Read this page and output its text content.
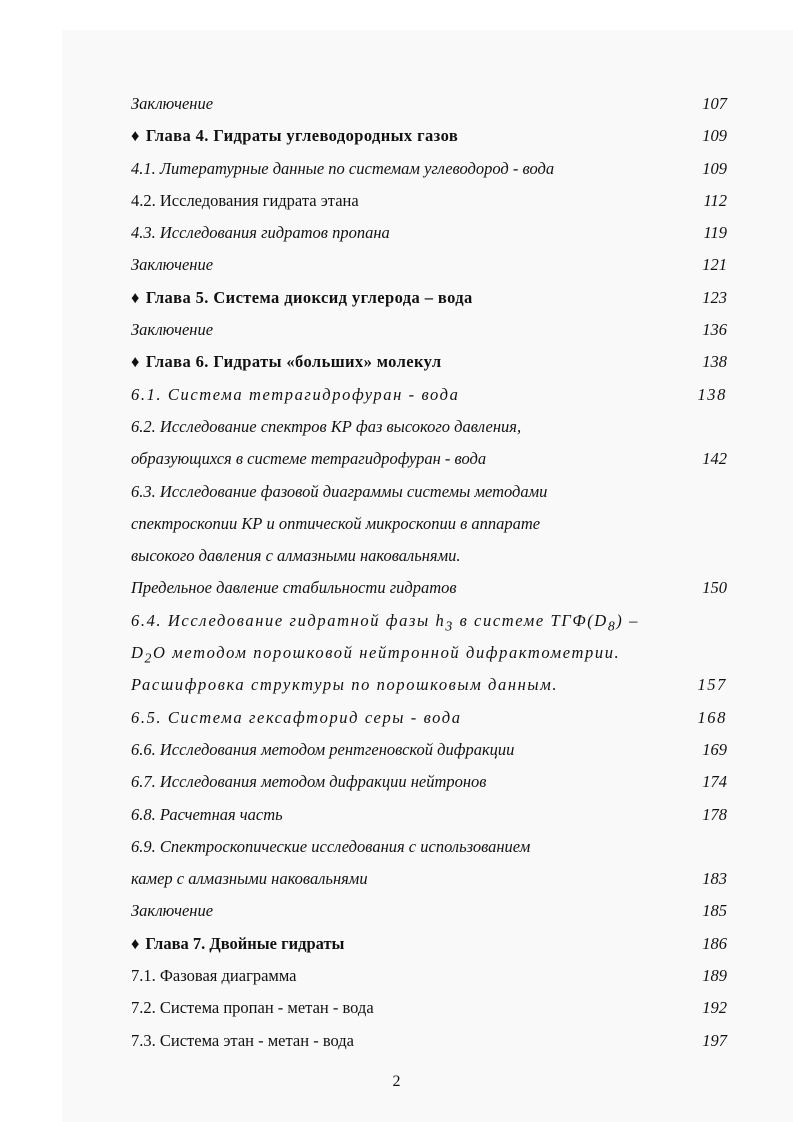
Заключение	107
♦ Глава 4. Гидраты углеводородных газов	109
4.1. Литературные данные по системам углеводород - вода	109
4.2. Исследования гидрата этана	112
4.3. Исследования гидратов пропана	119
Заключение	121
♦ Глава 5. Система диоксид углерода – вода	123
Заключение	136
♦ Глава 6. Гидраты «больших» молекул	138
6.1. Система тетрагидрофуран - вода	138
6.2. Исследование спектров КР фаз высокого давления,
образующихся в системе тетрагидрофуран - вода	142
6.3. Исследование фазовой диаграммы системы методами
спектроскопии КР и оптической микроскопии в аппарате
высокого давления с алмазными наковальнями.
Предельное давление стабильности гидратов	150
6.4. Исследование гидратной фазы $h_3$ в системе $ТГФ(D_8)$ –
$D_2O$ методом порошковой нейтронной дифрактометрии.
Расшифровка структуры по порошковым данным.	157
6.5. Система гексафторид серы - вода	168
6.6. Исследования методом рентгеновской дифракции	169
6.7. Исследования методом дифракции нейтронов	174
6.8. Расчетная часть	178
6.9. Спектроскопические исследования с использованием
камер с алмазными наковальнями	183
Заключение	185
♦ Глава 7. Двойные гидраты	186
7.1. Фазовая диаграмма	189
7.2. Система пропан - метан - вода	192
7.3. Система этан - метан - вода	197
2
